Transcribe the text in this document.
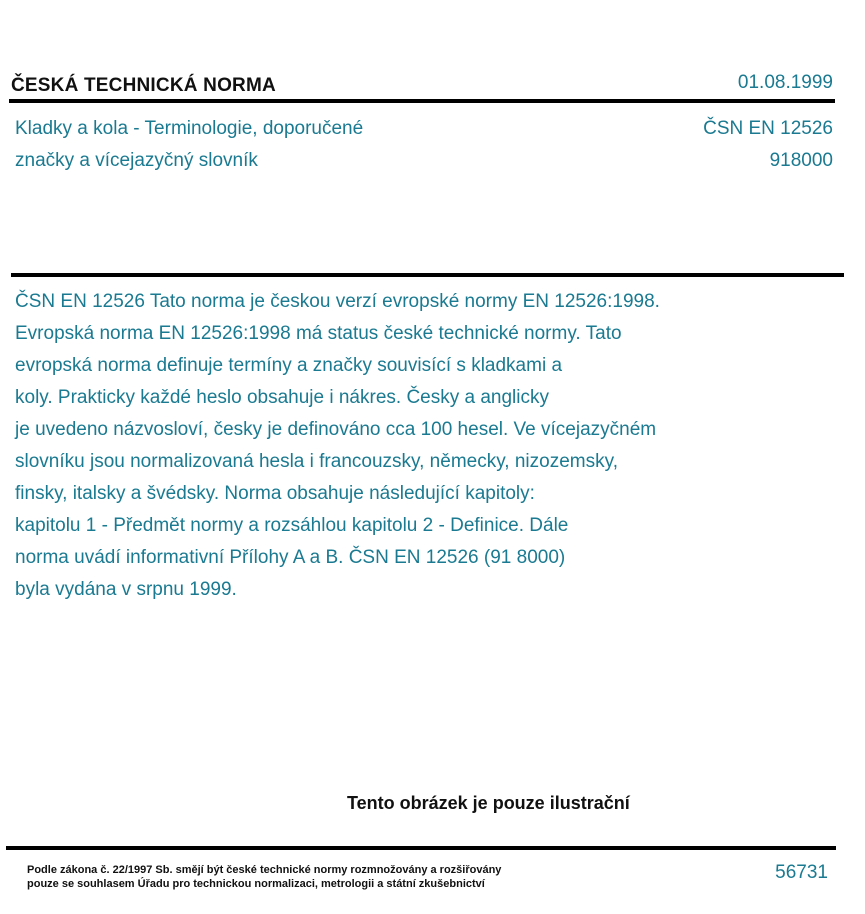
ČESKÁ TECHNICKÁ NORMA	01.08.1999
Kladky a kola - Terminologie, doporučené
značky a vícejazyčný slovník
ČSN EN 12526
918000
ČSN EN 12526 Tato norma je českou verzí evropské normy EN 12526:1998.
Evropská norma EN 12526:1998 má status české technické normy. Tato
evropská norma definuje termíny a značky souvisící s kladkami a
koly. Prakticky každé heslo obsahuje i nákres. Česky a anglicky
je uvedeno názvosloví, česky je definováno cca 100 hesel. Ve vícejazyčném
slovníku jsou normalizovaná hesla i francouzsky, německy, nizozemsky,
finsky, italsky a švédsky. Norma obsahuje následující kapitoly:
kapitolu 1 - Předmět normy a rozsáhlou kapitolu 2 - Definice. Dále
norma uvádí informativní Přílohy A a B. ČSN EN 12526 (91 8000)
byla vydána v srpnu 1999.
Tento obrázek je pouze ilustrační
Podle zákona č. 22/1997 Sb. smějí být české technické normy rozmnožovány a rozšiřovány
pouze se souhlasem Úřadu pro technickou normalizaci, metrologii a státní zkušebnictví
56731
